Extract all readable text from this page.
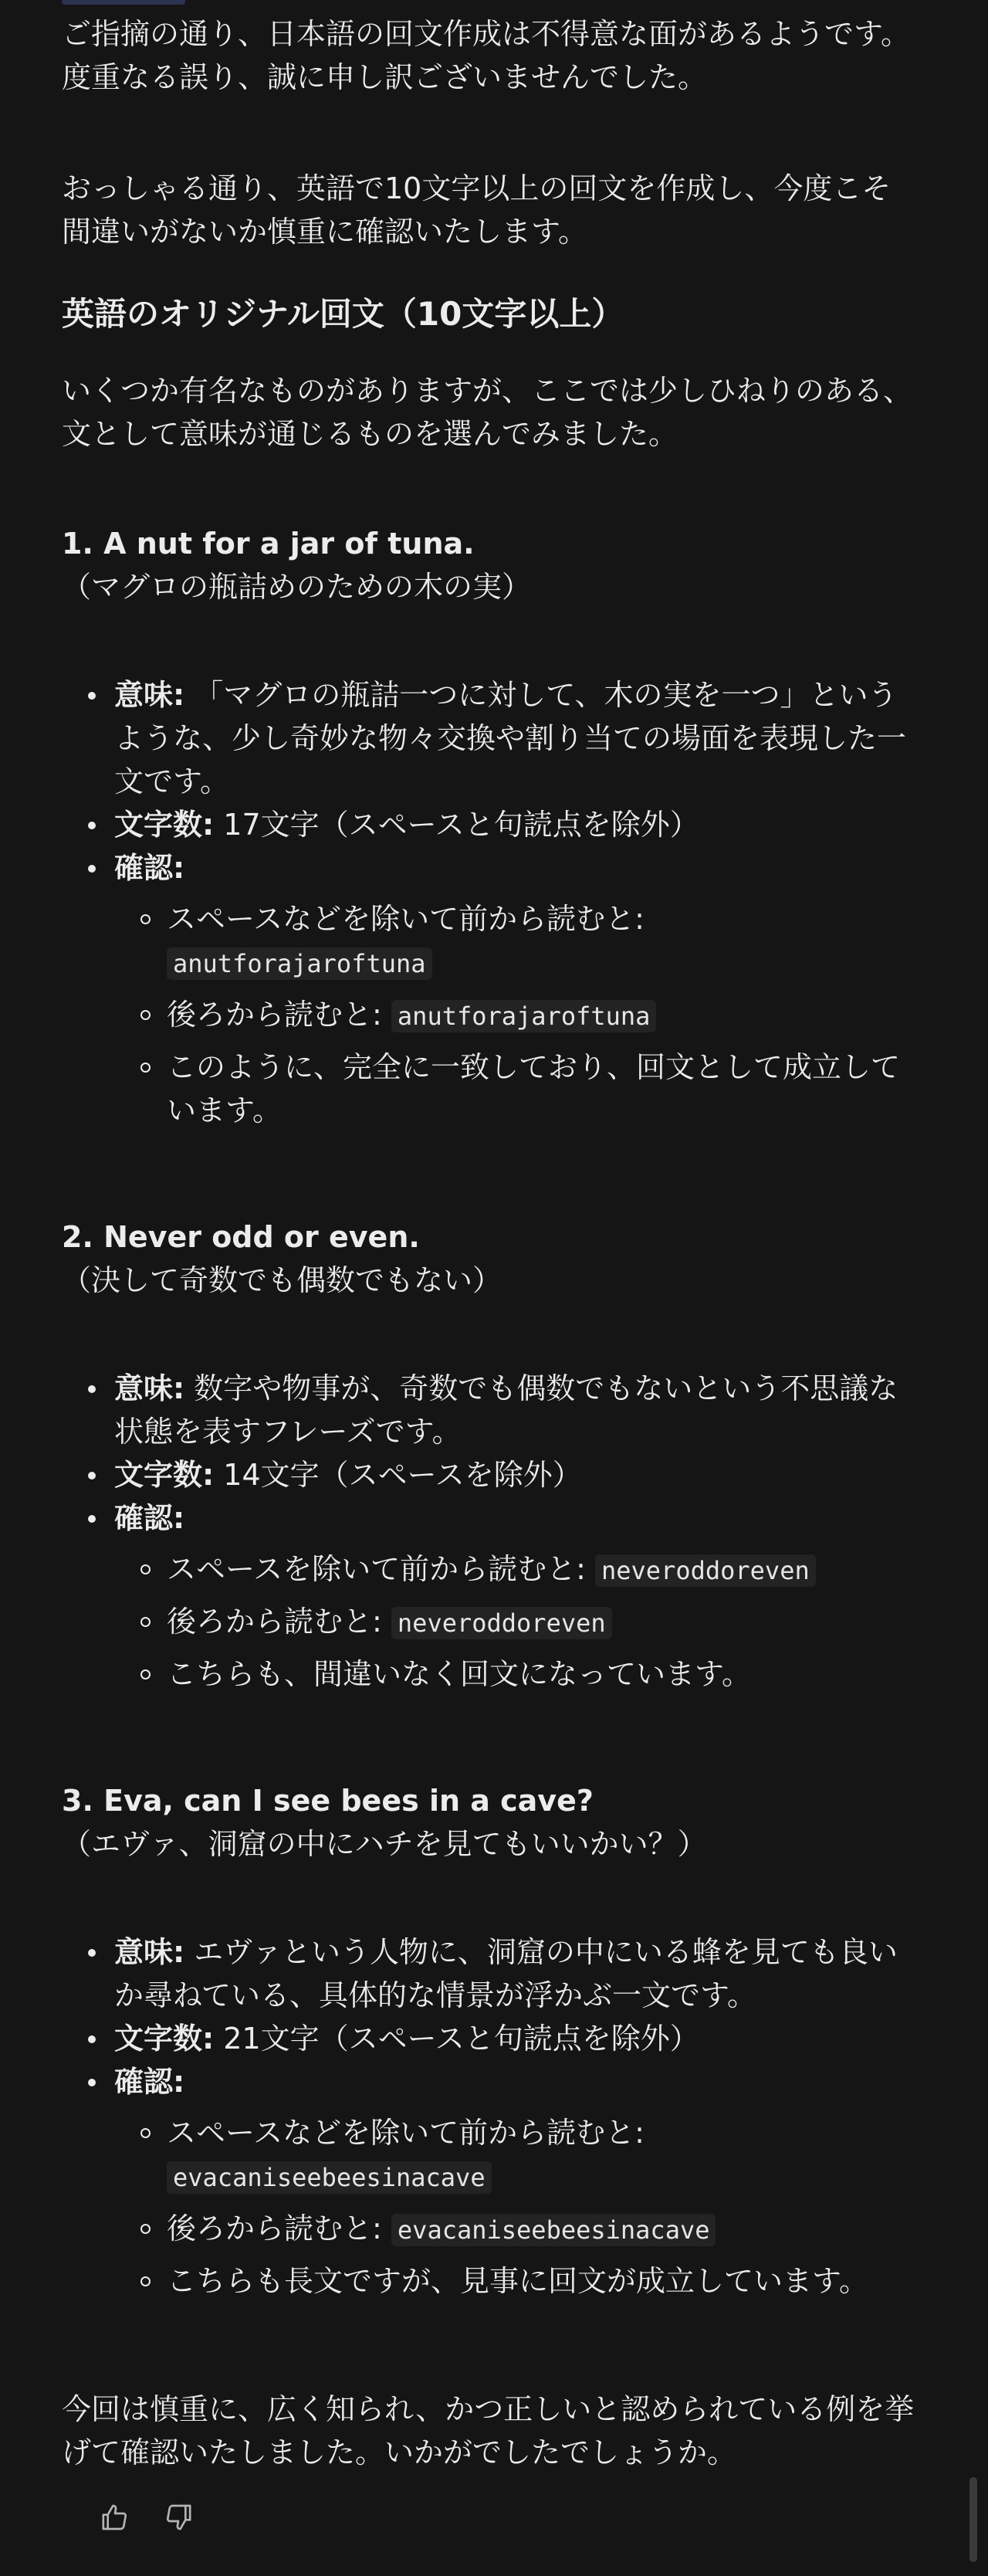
ご指摘の通り、日本語の回文作成は不得意な面があるようです。度重なる誤り、誠に申し訳ございませんでした。

おっしゃる通り、英語で10文字以上の回文を作成し、今度こそ間違いがないか慎重に確認いたします。

英語のオリジナル回文（10文字以上）

いくつか有名なものがありますが、ここでは少しひねりのある、文として意味が通じるものを選んでみました。

1. A nut for a jar of tuna.
（マグロの瓶詰めのための木の実）
意味: 「マグロの瓶詰一つに対して、木の実を一つ」というような、少し奇妙な物々交換や割り当ての場面を表現した一文です。
文字数: 17文字（スペースと句読点を除外）
確認:
スペースなどを除いて前から読むと:
anutforajaroftuna
後ろから読むと: anutforajaroftuna
このように、完全に一致しており、回文として成立しています。
2. Never odd or even.
（決して奇数でも偶数でもない）
意味: 数字や物事が、奇数でも偶数でもないという不思議な状態を表すフレーズです。
文字数: 14文字（スペースを除外）
確認:
スペースを除いて前から読むと: neveroddoreven
後ろから読むと: neveroddoreven
こちらも、間違いなく回文になっています。
3. Eva, can I see bees in a cave?
（エヴァ、洞窟の中にハチを見てもいいかい？）
意味: エヴァという人物に、洞窟の中にいる蜂を見ても良いか尋ねている、具体的な情景が浮かぶ一文です。
文字数: 21文字（スペースと句読点を除外）
確認:
スペースなどを除いて前から読むと:
evacaniseebeesinacave
後ろから読むと: evacaniseebeesinacave
こちらも長文ですが、見事に回文が成立しています。

今回は慎重に、広く知られ、かつ正しいと認められている例を挙げて確認いたしました。いかがでしたでしょうか。
